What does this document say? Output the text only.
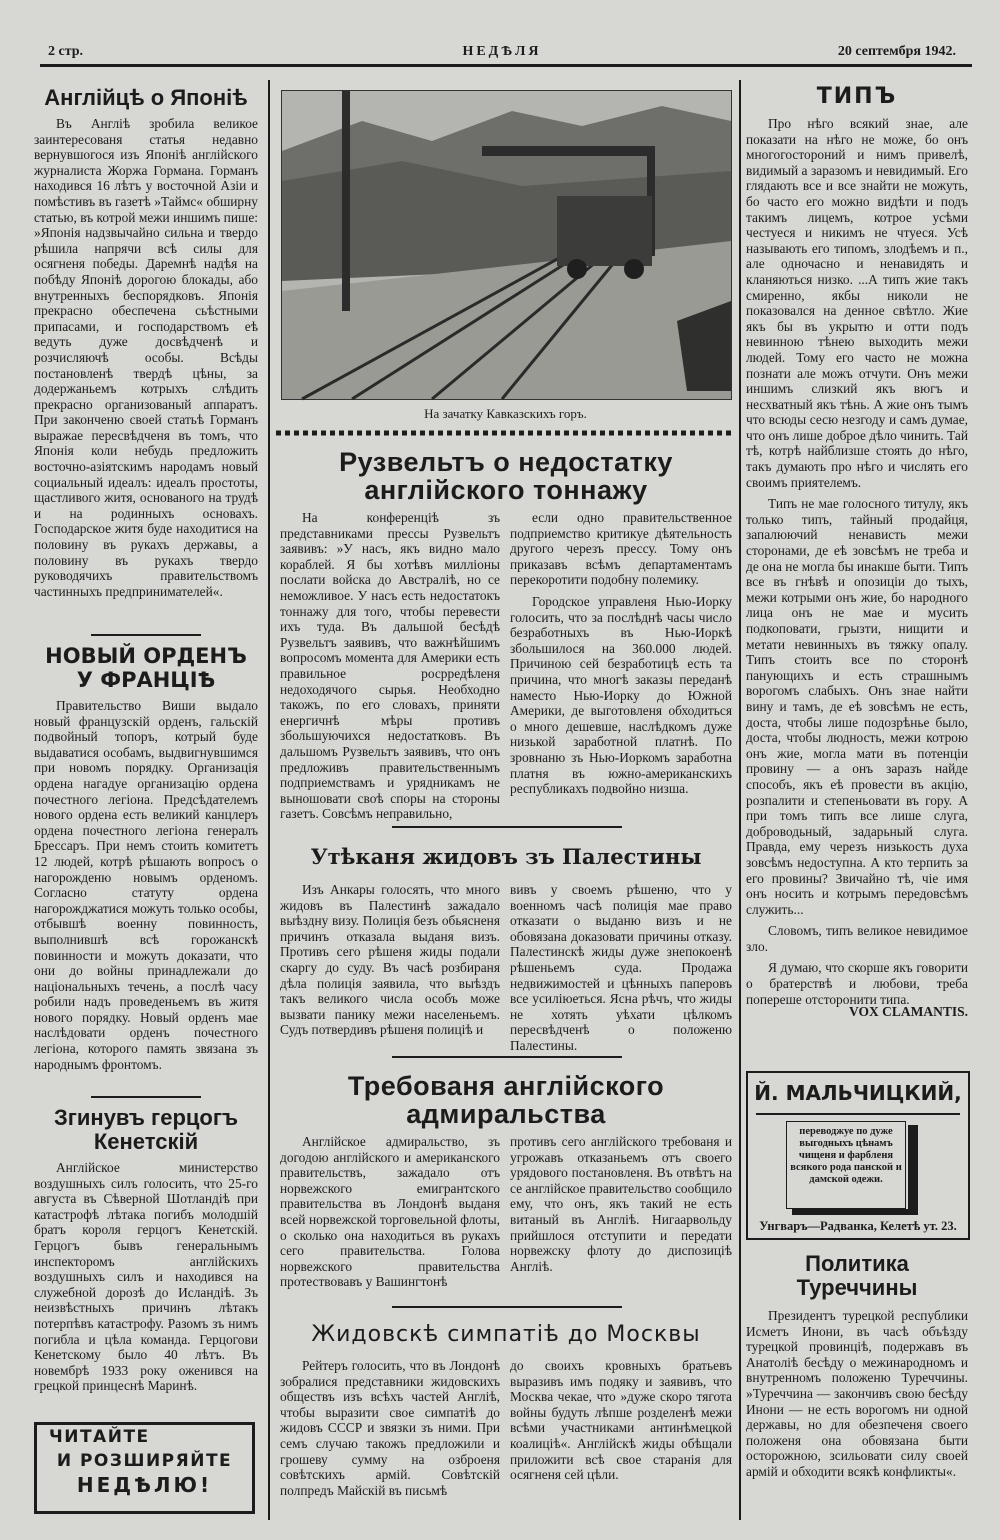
2 стр.	НЕДѢЛЯ	20 септембря 1942.
Англійцѣ о Японіѣ

Въ Англіѣ зробила великое заинтересованя статья недавно вернувшогося изъ Японіѣ англійского журналиста Жоржа Гормана. Горманъ находився 16 лѣтъ у восточной Азіи и помѣстивъ въ газетѣ »Таймс« обширну статью, въ котрой межи иншимъ пише: »Японія надзвычайно сильна и твердо рѣшила напрячи всѣ силы для осягненя победы. Даремнѣ надѣя на побѣду Японіѣ дорогою блокады, або внутренныхъ беспорядковъ. Японія прекрасно обеспечена сьѣстными припасами, и господарствомъ еѣ ведуть дуже досвѣдченѣ и розчисляючѣ особы. Всѣды постановленѣ твердѣ цѣны, за додержаньемъ котрыхъ слѣдить прекрасно организованый аппаратъ. При законченю своей статьѣ Горманъ выражае пересвѣдченя въ томъ, что Японія коли небудь предложить восточно-азіятскимъ народамъ новый социальный идеалъ: идеалъ простоты, щастливого житя, основаного на трудѣ и на родинныхъ основахъ. Господарское житя буде находитися на половину въ рукахъ державы, а половину въ рукахъ твердо руководячихъ правительствомъ частинныхъ предпринимателей«.

НОВЫЙ ОРДЕНЪ У ФРАНЦІѢ

Правительство Виши выдало новый французскій орденъ, гальскій подвойный топоръ, котрый буде выдаватися особамъ, выдвигнувшимся при новомъ порядку. Организація ордена нагадуе организацію ордена почестного легіона. Предсѣдателемъ нового ордена есть великий канцлеръ ордена почестного легіона генералъ Брессаръ. При немъ стоить комитетъ 12 людей, котрѣ рѣшають вопросъ о нагорожденю новымъ орденомъ. Согласно статуту ордена нагорожджатися можуть только особы, отбывшѣ военну повинность, выполнившѣ всѣ горожанскѣ повинности и можуть доказати, что они до войны принадлежали до національныхъ течень, а послѣ часу робили надъ проведеньемъ въ житя нового порядку. Новый орденъ мае наслѣдовати орденъ почестного легіона, которого память звязана зъ народнымъ фронтомъ.

Згинувъ герцогъ Кенетскій

Англійское министерство воздушныхъ силъ голосить, что 25-го августа въ Сѣверной Шотландіѣ при катастрофѣ лѣтака погибъ молодшій братъ короля герцогъ Кенетскій. Герцогъ бывъ генеральнымъ инспекторомъ англійскихъ воздушныхъ силъ и находився на служебной дорозѣ до Исландіѣ. Зъ неизвѣстныхъ причинъ лѣтакъ потерпѣвъ катастрофу. Разомъ зъ нимъ погибла и цѣла команда. Герцогови Кенетскому было 40 лѣтъ. Въ новембрѣ 1933 року оженився на грецкой принцеснѣ Маринѣ.

ЧИТАЙТЕ
И РОЗШИРЯЙТЕ
НЕДѢЛЮ!
На зачатку Кавказскихъ горъ.
Рузвельтъ о недостатку англійского тоннажу

На конференціѣ зъ представниками прессы Рузвельтъ заявивъ: »У насъ, якъ видно мало кораблей. Я бы хотѣвъ милліоны послати войска до Австраліѣ, но се неможливое. У насъ есть недостатокъ тоннажу для того, чтобы перевести ихъ туда. Въ дальшой бесѣдѣ Рузвельтъ заявивъ, что важнѣйшимъ вопросомъ момента для Америки есть правильное росрредѣленя недоходячого сырья. Необходно такожъ, по его словахъ, приняти енергичнѣ мѣры противъ збольшуючихся недостатковъ. Въ дальшомъ Рузвельтъ заявивъ, что онъ предложивъ правительственнымъ подприемствамъ и урядникамъ не выношовати своѣ споры на стороны газетъ. Совсѣмъ неправильно,

если одно правительственное подприемство критикуе дѣятельность другого черезъ прессу. Тому онъ приказавъ всѣмъ департаментамъ перекоротити подобну полемику.

Городское управленя Нью-Иорку голосить, что за послѣднѣ часы число безработныхъ въ Нью-Иоркѣ збольшилося на 360.000 людей. Причиною сей безработицѣ есть та причина, что многѣ заказы переданѣ наместо Нью-Иорку до Южной Америки, де выготовленя обходиться о много дешевше, наслѣдкомъ дуже низькой заработной платнѣ. По зровнаню зъ Нью-Иоркомъ заработна платня въ южно-американскихъ республикахъ подвойно низша.

Утѣканя жидовъ зъ Палестины

Изъ Анкары голосять, что много жидовъ въ Палестинѣ зажадало выѣздну визу. Полиція безъ обьясненя причинъ отказала выданя визъ. Противъ сего рѣшеня жиды подали скаргу до суду. Въ часѣ розбираня дѣла полиція заявила, что выѣздъ такъ великого числа особъ може вызвати панику межи населеньемъ. Судъ потвердивъ рѣшеня полиціѣ и

вивъ у своемъ рѣшеню, что у военномъ часѣ полиція мае право отказати о выданю визъ и не обовязана доказовати причины отказу. Палестинскѣ жиды дуже знепокоенѣ рѣшеньемъ суда. Продажа недвижимостей и цѣнныхъ паперовъ все усиліюеться. Ясна рѣчъ, что жиды не хотять уѣхати цѣлкомъ пересвѣдченѣ о положеню Палестины.

Требованя англійского адмиральства

Англійское адмиральство, зъ догодою англійского и американского правительствъ, зажадало отъ норвежского емигрантского правительства въ Лондонѣ выданя всей норвежской торговельной флоты, о сколько она находиться въ рукахъ сего правительства. Голова норвежского правительства протествовавъ у Вашингтонѣ

противъ сего англійского требованя и угрожавъ отказаньемъ отъ своего урядового постановленя. Въ отвѣтъ на се англійское правительство сообщило ему, что онъ, якъ такий не есть витаный въ Англіѣ. Нигаарвольду прийшлося отступити и передати норвежску флоту до диспозиціѣ Англіѣ.

Жидовскѣ симпатіѣ до Москвы

Рейтеръ голосить, что въ Лондонѣ зобралися представники жидовскихъ обществъ изъ всѣхъ частей Англіѣ, чтобы выразити свое симпатіѣ до жидовъ СССР и звязки зъ ними. При семъ случаю такожъ предложили и грошеву сумму на озброеня совѣтскихъ армій. Совѣтскій полпредъ Майскій въ письмѣ

до своихъ кровныхъ братьевъ выразивъ имъ подяку и заявивъ, что Москва чекае, что »дуже скоро тягота войны будуть лѣпше розделенѣ межи всѣми участниками антинѣмецкой коалиціѣ«. Англійскѣ жиды обѣщали приложити всѣ свое старанія для осягненя сей цѣли.

ТИПЪ

Про нѣго всякий знае, але показати на нѣго не може, бо онъ многогостороний и нимъ привелѣ, видимый а заразомъ и невидимый. Его глядають все и все знайти не можуть, бо часто его можно видѣти и подъ такимъ лицемъ, котрое усѣми честуеся и никимъ не чтуеся. Усѣ называють его типомъ, злодѣемъ и п., але одночасно и ненавидять и кланяються низко. ...А типъ жие такъ смиренно, якбы николи не показовался на денное свѣтло. Жие якъ бы въ укрытю и отти подъ невинною тѣнею выходить межи людей. Тому его часто не можна познати але можъ отчути. Онъ межи иншимъ слизкий якъ вюгъ и несхватный якъ тѣнь. А жие онъ тымъ что всюды сесю незгоду и самъ думае, что онъ лише доброе дѣло чинить. Тай тѣ, котрѣ найблизше стоять до нѣго, такъ думають про нѣго и числять его своимъ приятелемъ.

Типъ не мае голосного титулу, якъ только типъ, тайный продайця, запалюючий ненависть межи сторонами, де еѣ зовсѣмъ не треба и де она не могла бы инакше быти. Типъ все въ гнѣвѣ и опозиціи до тыхъ, межи котрыми онъ жие, бо народного лица онъ не мае и мусить подкоповати, грызти, нищити и метати невинныхъ въ тяжку опалу. Типъ стоить все по сторонѣ панующихъ и есть страшнымъ ворогомъ слабыхъ. Онъ знае найти вину и тамъ, де еѣ зовсѣмъ не есть, доста, чтобы лише подозрѣнье было, доста, чтобы людность, межи котрою онъ жие, могла мати въ потенціи провину — а онъ заразъ найде способъ, якъ еѣ провести въ акцію, розпалити и степеньовати въ гору. А при томъ типъ все лише слуга, доброводьный, задарьный слуга. Правда, ему черезъ низькость духа зовсѣмъ недоступна. А кто терпить за его провины? Звичайно тѣ, чіе имя онъ носить и котрымъ передовсѣмъ служить...

Словомъ, типъ великое невидимое зло.

Я думаю, что скорше якъ говорити о братерствѣ и любови, треба попереше отсторонити типа.

VOX CLAMANTIS.
Й. МАЛЬЧИЦКИЙ,
переводжуе по дуже выгодныхъ цѣнамъ чищеня и фарбленя всякого рода панской и дамской одежи.
Унгваръ—Радванка, Келетѣ ут. 23.
Политика Туреччины

Президентъ турецкой республики Исметъ Инони, въ часѣ объѣзду турецкой провинціѣ, подержавъ въ Анатоліѣ бесѣду о межинародномъ и внутренномъ положеню Туреччины. »Туреччина — закончивъ свою бесѣду Инони — не есть ворогомъ ни одной державы, но для обезпеченя своего положеня она обовязана быти осторожною, зсильовати силу своей армій и обходити всякѣ конфликты«.
